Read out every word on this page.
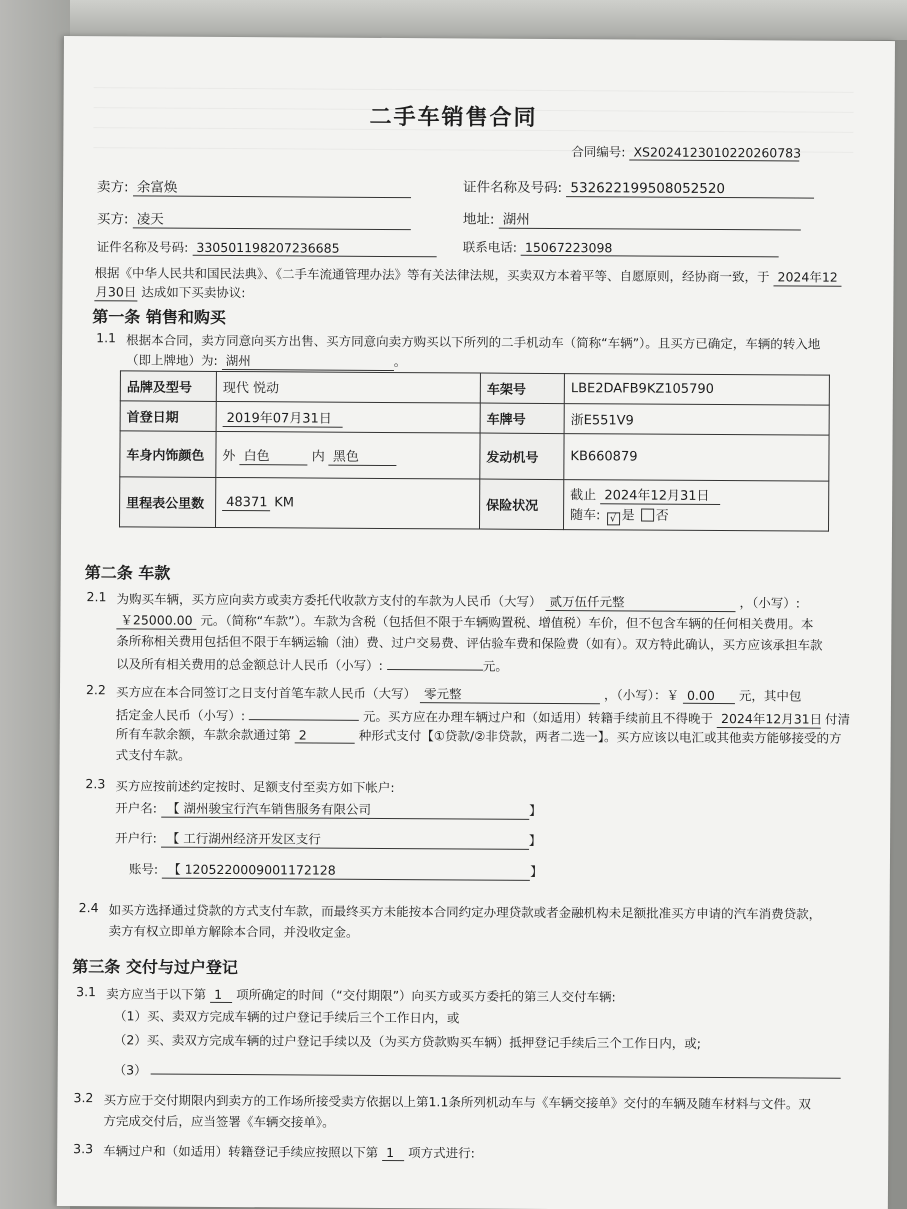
二手车销售合同
合同编号: XS20241230102202607​83
卖方: 余富焕	证件名称及号码: 532622199508052520
买方: 凌天	地址: 湖州
证件名称及号码: 330501198207236685	联系电话: 15067223098
根据《中华人民共和国民法典》、《二手车流通管理办法》等有关法律法规，买卖双方本着平等、自愿原则，经协商一致，于 2024年12
月30日 达成如下买卖协议:
第一条 销售和购买
1.1 根据本合同，卖方同意向买方出售、买方同意向卖方购买以下所列的二手机动车（简称“车辆”）。且买方已确定，车辆的转入地
（即上牌地）为: 湖州	。
品牌及型号	现代 悦动	车架号	LBE2DAFB9KZ105790
首登日期	2019年07月31日	车牌号	浙E551V9
车身内饰颜色	外 白色 内 黑色	发动机号	KB660879
里程表公里数	48371 KM	保险状况	截止 2024年12月31日
随车: √ 是 否
第二条 车款
2.1 为购买车辆，买方应向卖方或卖方委托代收款方支付的车款为人民币（大写） 贰万伍仟元整	，（小写）:
￥25000.00 元。（简称“车款”）。车款为含税（包括但不限于车辆购置税、增值税）车价，但不包含车辆的任何相关费用。本
条所称相关费用包括但不限于车辆运输（油）费、过户交易费、评估验车费和保险费（如有）。双方特此确认，买方应该承担车款
以及所有相关费用的总金额总计人民币（小写）:	元。
2.2 买方应在本合同签订之日支付首笔车款人民币（大写） 零元整	，（小写）：￥ 0.00 元，其中包
括定金人民币（小写）:	元。买方应在办理车辆过户和（如适用）转籍手续前且不得晚于 2024年12月31日 付清
所有车款余额，车款余款通过第 2	种形式支付【①贷款/②非贷款，两者二选一】。买方应该以电汇或其他卖方能够接受的方
式支付车款。
2.3 买方应按前述约定按时、足额支付至卖方如下帐户:
开户名: 【 湖州骏宝行汽车销售服务有限公司	】
开户行: 【 工行湖州经济开发区支行	】
账号: 【 1205220009001172128	】
2.4 如买方选择通过贷款的方式支付车款，而最终买方未能按本合同约定办理贷款或者金融机构未足额批准买方申请的汽车消费贷款，
卖方有权立即单方解除本合同，并没收定金。
第三条 交付与过户登记
3.1 卖方应当于以下第 1 项所确定的时间（“交付期限”）向买方或买方委托的第三人交付车辆:
（1）买、卖双方完成车辆的过户登记手续后三个工作日内，或
（2）买、卖双方完成车辆的过户登记手续以及（为买方贷款购买车辆）抵押登记手续后三个工作日内，或;
（3）
3.2 买方应于交付期限内到卖方的工作场所接受卖方依据以上第1.1条所列机动车与《车辆交接单》交付的车辆及随车材料与文件。双
方完成交付后，应当签署《车辆交接单》。
3.3 车辆过户和（如适用）转籍登记手续应按照以下第 1 项方式进行:
